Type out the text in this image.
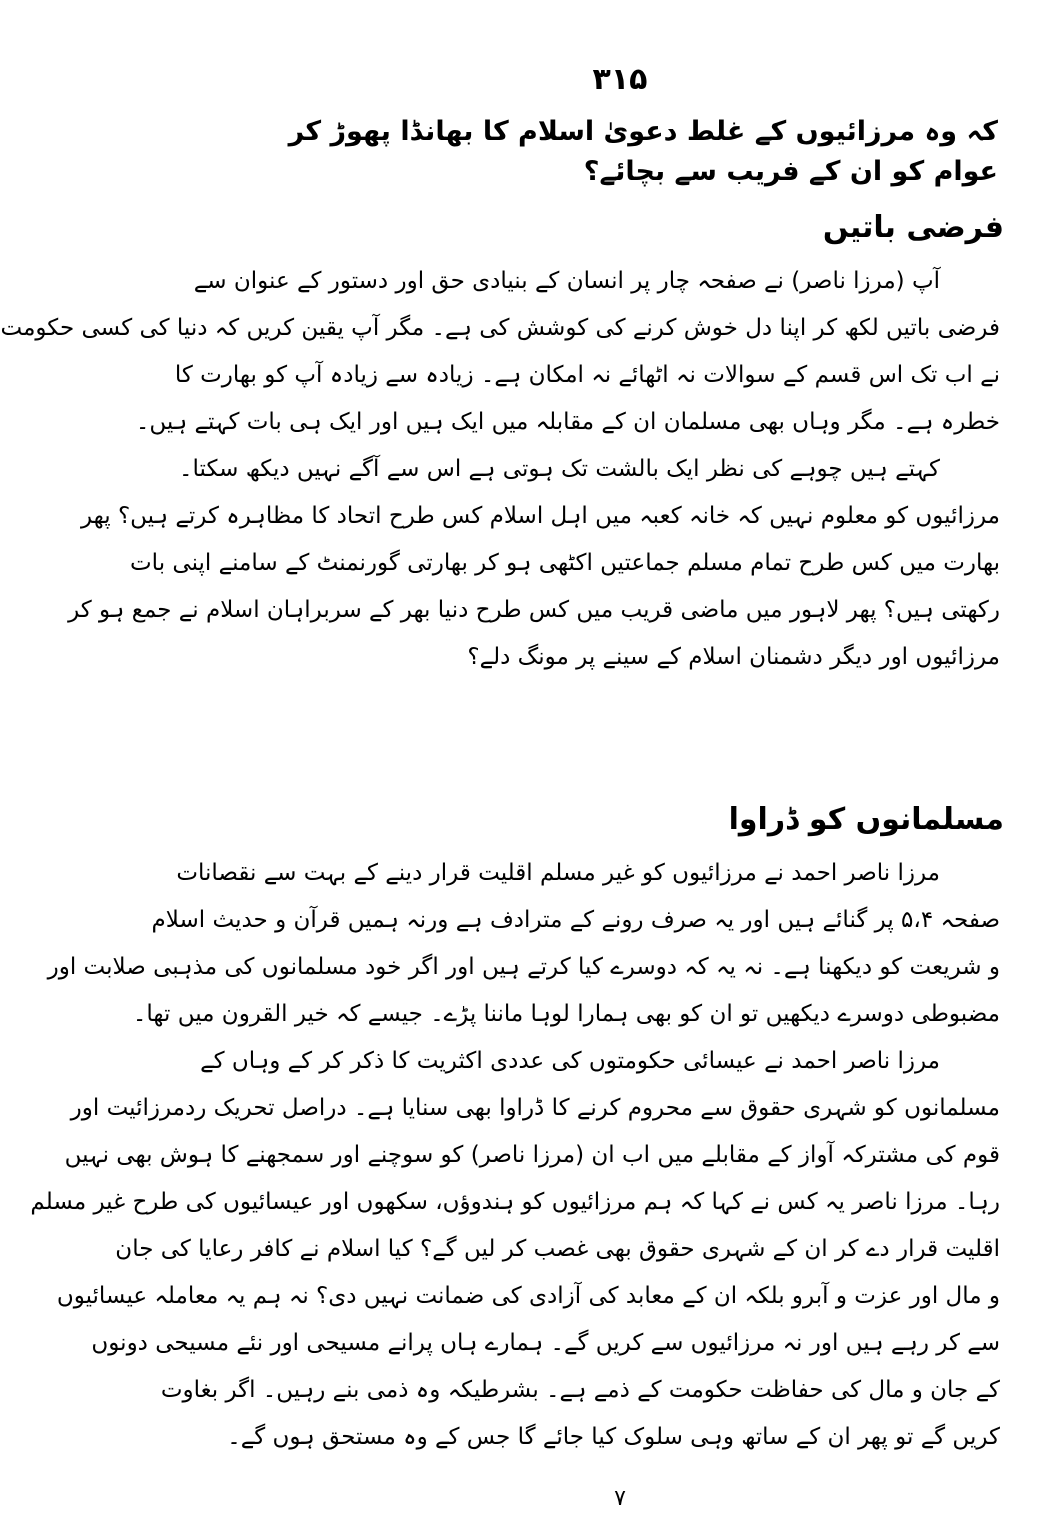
۳۱۵
کہ وہ مرزائیوں کے غلط دعویٰ اسلام کا بھانڈا پھوڑ کر عوام کو ان کے فریب سے بچائے؟
فرضی باتیں
آپ (مرزا ناصر) نے صفحہ چار پر انسان کے بنیادی حق اور دستور کے عنوان سے
فرضی باتیں لکھ کر اپنا دل خوش کرنے کی کوشش کی ہے۔ مگر آپ یقین کریں کہ دنیا کی کسی حکومت
نے اب تک اس قسم کے سوالات نہ اٹھائے نہ امکان ہے۔ زیادہ سے زیادہ آپ کو بھارت کا
خطرہ ہے۔ مگر وہاں بھی مسلمان ان کے مقابلہ میں ایک ہیں اور ایک ہی بات کہتے ہیں۔
کہتے ہیں چوہے کی نظر ایک بالشت تک ہوتی ہے اس سے آگے نہیں دیکھ سکتا۔
مرزائیوں کو معلوم نہیں کہ خانہ کعبہ میں اہل اسلام کس طرح اتحاد کا مظاہرہ کرتے ہیں؟ پھر
بھارت میں کس طرح تمام مسلم جماعتیں اکٹھی ہو کر بھارتی گورنمنٹ کے سامنے اپنی بات
رکھتی ہیں؟ پھر لاہور میں ماضی قریب میں کس طرح دنیا بھر کے سربراہان اسلام نے جمع ہو کر
مرزائیوں اور دیگر دشمنان اسلام کے سینے پر مونگ دلے؟
مسلمانوں کو ڈراوا
مرزا ناصر احمد نے مرزائیوں کو غیر مسلم اقلیت قرار دینے کے بہت سے نقصانات
صفحہ ۵،۴ پر گنائے ہیں اور یہ صرف رونے کے مترادف ہے ورنہ ہمیں قرآن و حدیث اسلام
و شریعت کو دیکھنا ہے۔ نہ یہ کہ دوسرے کیا کرتے ہیں اور اگر خود مسلمانوں کی مذہبی صلابت اور
مضبوطی دوسرے دیکھیں تو ان کو بھی ہمارا لوہا ماننا پڑے۔ جیسے کہ خیر القرون میں تھا۔
مرزا ناصر احمد نے عیسائی حکومتوں کی عددی اکثریت کا ذکر کر کے وہاں کے
مسلمانوں کو شہری حقوق سے محروم کرنے کا ڈراوا بھی سنایا ہے۔ دراصل تحریک ردمرزائیت اور
قوم کی مشترکہ آواز کے مقابلے میں اب ان (مرزا ناصر) کو سوچنے اور سمجھنے کا ہوش بھی نہیں
رہا۔ مرزا ناصر یہ کس نے کہا کہ ہم مرزائیوں کو ہندوؤں، سکھوں اور عیسائیوں کی طرح غیر مسلم
اقلیت قرار دے کر ان کے شہری حقوق بھی غصب کر لیں گے؟ کیا اسلام نے کافر رعایا کی جان
و مال اور عزت و آبرو بلکہ ان کے معابد کی آزادی کی ضمانت نہیں دی؟ نہ ہم یہ معاملہ عیسائیوں
سے کر رہے ہیں اور نہ مرزائیوں سے کریں گے۔ ہمارے ہاں پرانے مسیحی اور نئے مسیحی دونوں
کے جان و مال کی حفاظت حکومت کے ذمے ہے۔ بشرطیکہ وہ ذمی بنے رہیں۔ اگر بغاوت
کریں گے تو پھر ان کے ساتھ وہی سلوک کیا جائے گا جس کے وہ مستحق ہوں گے۔
٧
